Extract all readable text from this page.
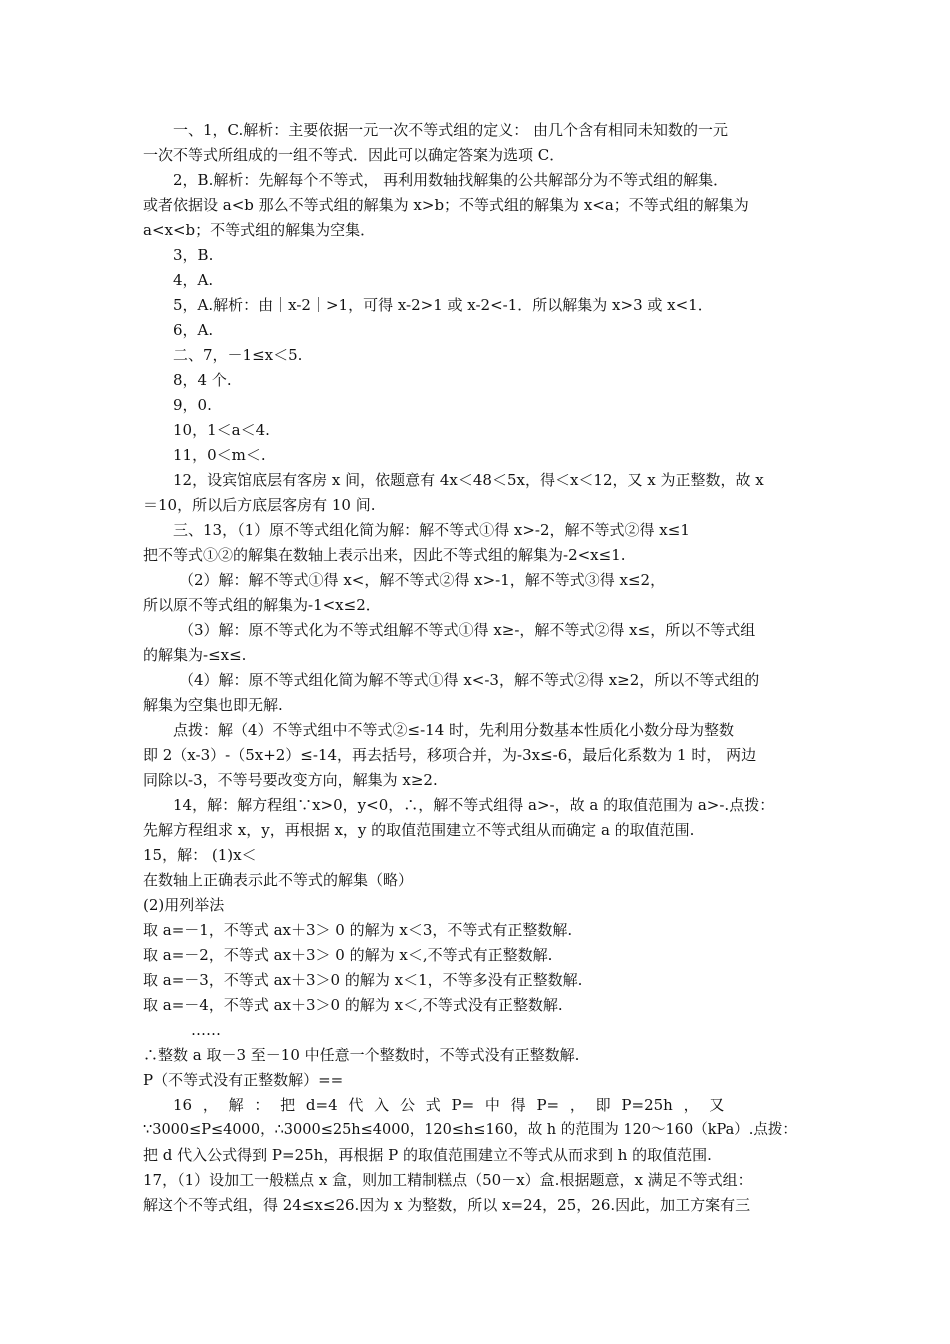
一、1，C.解析：主要依据一元一次不等式组的定义： 由几个含有相同未知数的一元
一次不等式所组成的一组不等式．因此可以确定答案为选项 C．
2，B.解析：先解每个不等式， 再利用数轴找解集的公共解部分为不等式组的解集．
或者依据设 a<b 那么不等式组的解集为 x>b；不等式组的解集为 x<a；不等式组的解集为
a<x<b；不等式组的解集为空集．
3，B.
4，A.
5，A.解析：由｜x-2｜>1，可得 x-2>1 或 x-2<-1．所以解集为 x>3 或 x<1．
6，A.
二、7，－1≤x＜5.
8，4 个.
9，0.
10，1＜a＜4.
11，0＜m＜.
12，设宾馆底层有客房 x 间，依题意有 4x＜48＜5x，得＜x＜12，又 x 为正整数，故 x
＝10，所以后方底层客房有 10 间.
三、13，（1）原不等式组化简为解：解不等式①得 x>-2，解不等式②得 x≤1
把不等式①②的解集在数轴上表示出来，因此不等式组的解集为-2<x≤1.
（2）解：解不等式①得 x<，解不等式②得 x>-1，解不等式③得 x≤2，
所以原不等式组的解集为-1<x≤2．
（3）解：原不等式化为不等式组解不等式①得 x≥-，解不等式②得 x≤，所以不等式组
的解集为-≤x≤.
（4）解：原不等式组化简为解不等式①得 x<-3，解不等式②得 x≥2，所以不等式组的
解集为空集也即无解.
点拨：解（4）不等式组中不等式②≤-14 时，先利用分数基本性质化小数分母为整数
即 2（x-3）-（5x+2）≤-14，再去括号，移项合并，为-3x≤-6，最后化系数为 1 时， 两边
同除以-3，不等号要改变方向，解集为 x≥2.
14，解：解方程组∵x>0，y<0，∴，解不等式组得 a>-，故 a 的取值范围为 a>-.点拨：
先解方程组求 x，y，再根据 x，y 的取值范围建立不等式组从而确定 a 的取值范围.
15，解： (1)x＜
在数轴上正确表示此不等式的解集（略）
(2)用列举法
取 a=－1，不等式 ax＋3＞ 0 的解为 x＜3，不等式有正整数解.
取 a=－2，不等式 ax＋3＞ 0 的解为 x＜,不等式有正整数解.
取 a=－3，不等式 ax＋3＞0 的解为 x＜1，不等多没有正整数解.
取 a=－4，不等式 ax＋3＞0 的解为 x＜,不等式没有正整数解.
……
∴整数 a 取－3 至－10 中任意一个整数时，不等式没有正整数解.
P（不等式没有正整数解）==
16 ， 解 ： 把 d=4 代 入 公 式 P= 中 得 P= ， 即 P=25h ， 又
∵3000≤P≤4000，∴3000≤25h≤4000，120≤h≤160，故 h 的范围为 120～160（kPa）.点拨：
把 d 代入公式得到 P=25h，再根据 P 的取值范围建立不等式从而求到 h 的取值范围.
17，（1）设加工一般糕点 x 盒，则加工精制糕点（50－x）盒.根据题意，x 满足不等式组：
解这个不等式组，得 24≤x≤26.因为 x 为整数，所以 x=24，25，26.因此，加工方案有三
